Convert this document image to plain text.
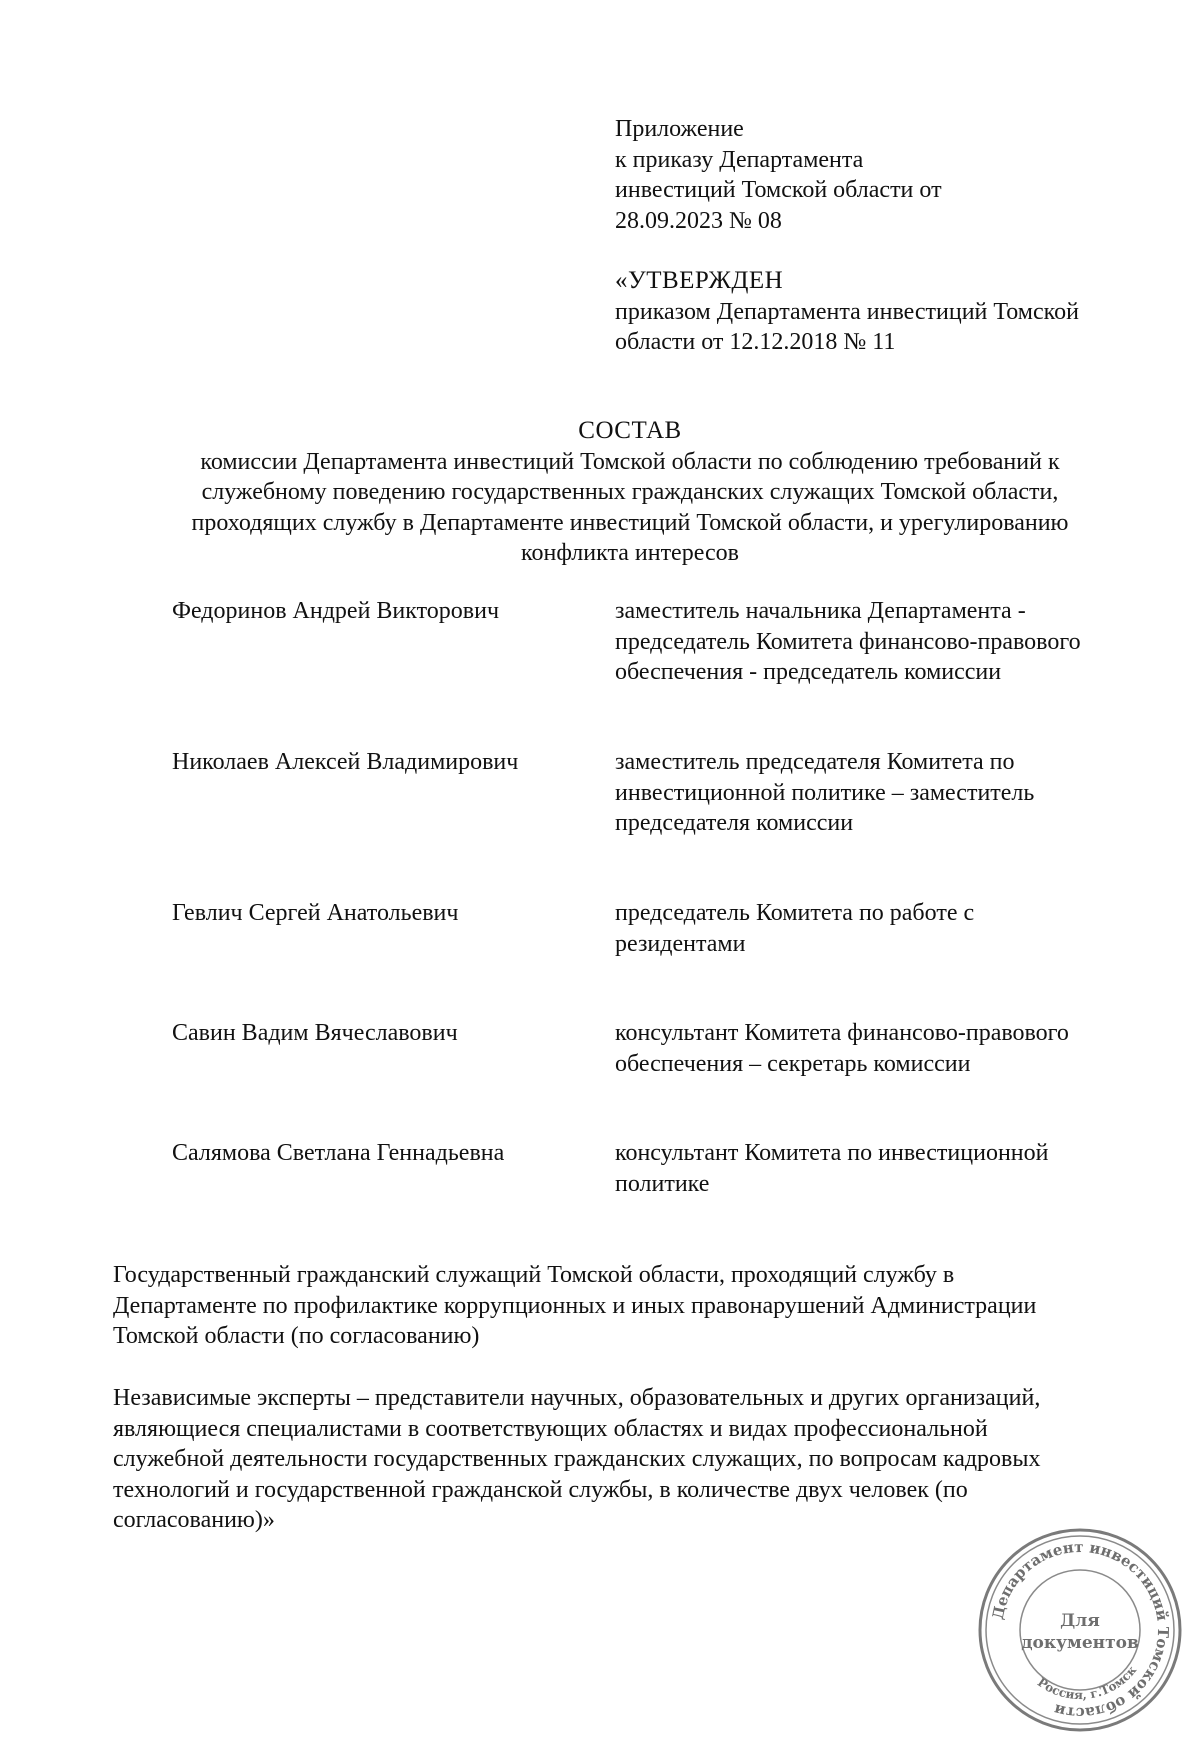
Приложение
к приказу Департамента
инвестиций Томской области от
28.09.2023 № 08
«УТВЕРЖДЕН
приказом Департамента инвестиций Томской
области от 12.12.2018 № 11
СОСТАВ
комиссии Департамента инвестиций Томской области по соблюдению требований к
служебному поведению государственных гражданских служащих Томской области,
проходящих службу в Департаменте инвестиций Томской области, и урегулированию
конфликта интересов
Федоринов Андрей Викторович	заместитель начальника Департамента -
председатель Комитета финансово-правового
обеспечения - председатель комиссии
Николаев Алексей Владимирович	заместитель председателя Комитета по
инвестиционной политике – заместитель
председателя комиссии
Гевлич Сергей Анатольевич	председатель Комитета по работе с
резидентами
Савин Вадим Вячеславович	консультант Комитета финансово-правового
обеспечения – секретарь комиссии
Салямова Светлана Геннадьевна	консультант Комитета по инвестиционной
политике
Государственный гражданский служащий Томской области, проходящий службу в
Департаменте по профилактике коррупционных и иных правонарушений Администрации
Томской области (по согласованию)
Независимые эксперты – представители научных, образовательных и других организаций,
являющиеся специалистами в соответствующих областях и видах профессиональной
служебной деятельности государственных гражданских служащих, по вопросам кадровых
технологий и государственной гражданской службы, в количестве двух человек (по
согласованию)»
Департамент инвестиций Томской области
Россия, г.Томск
Для
документов
